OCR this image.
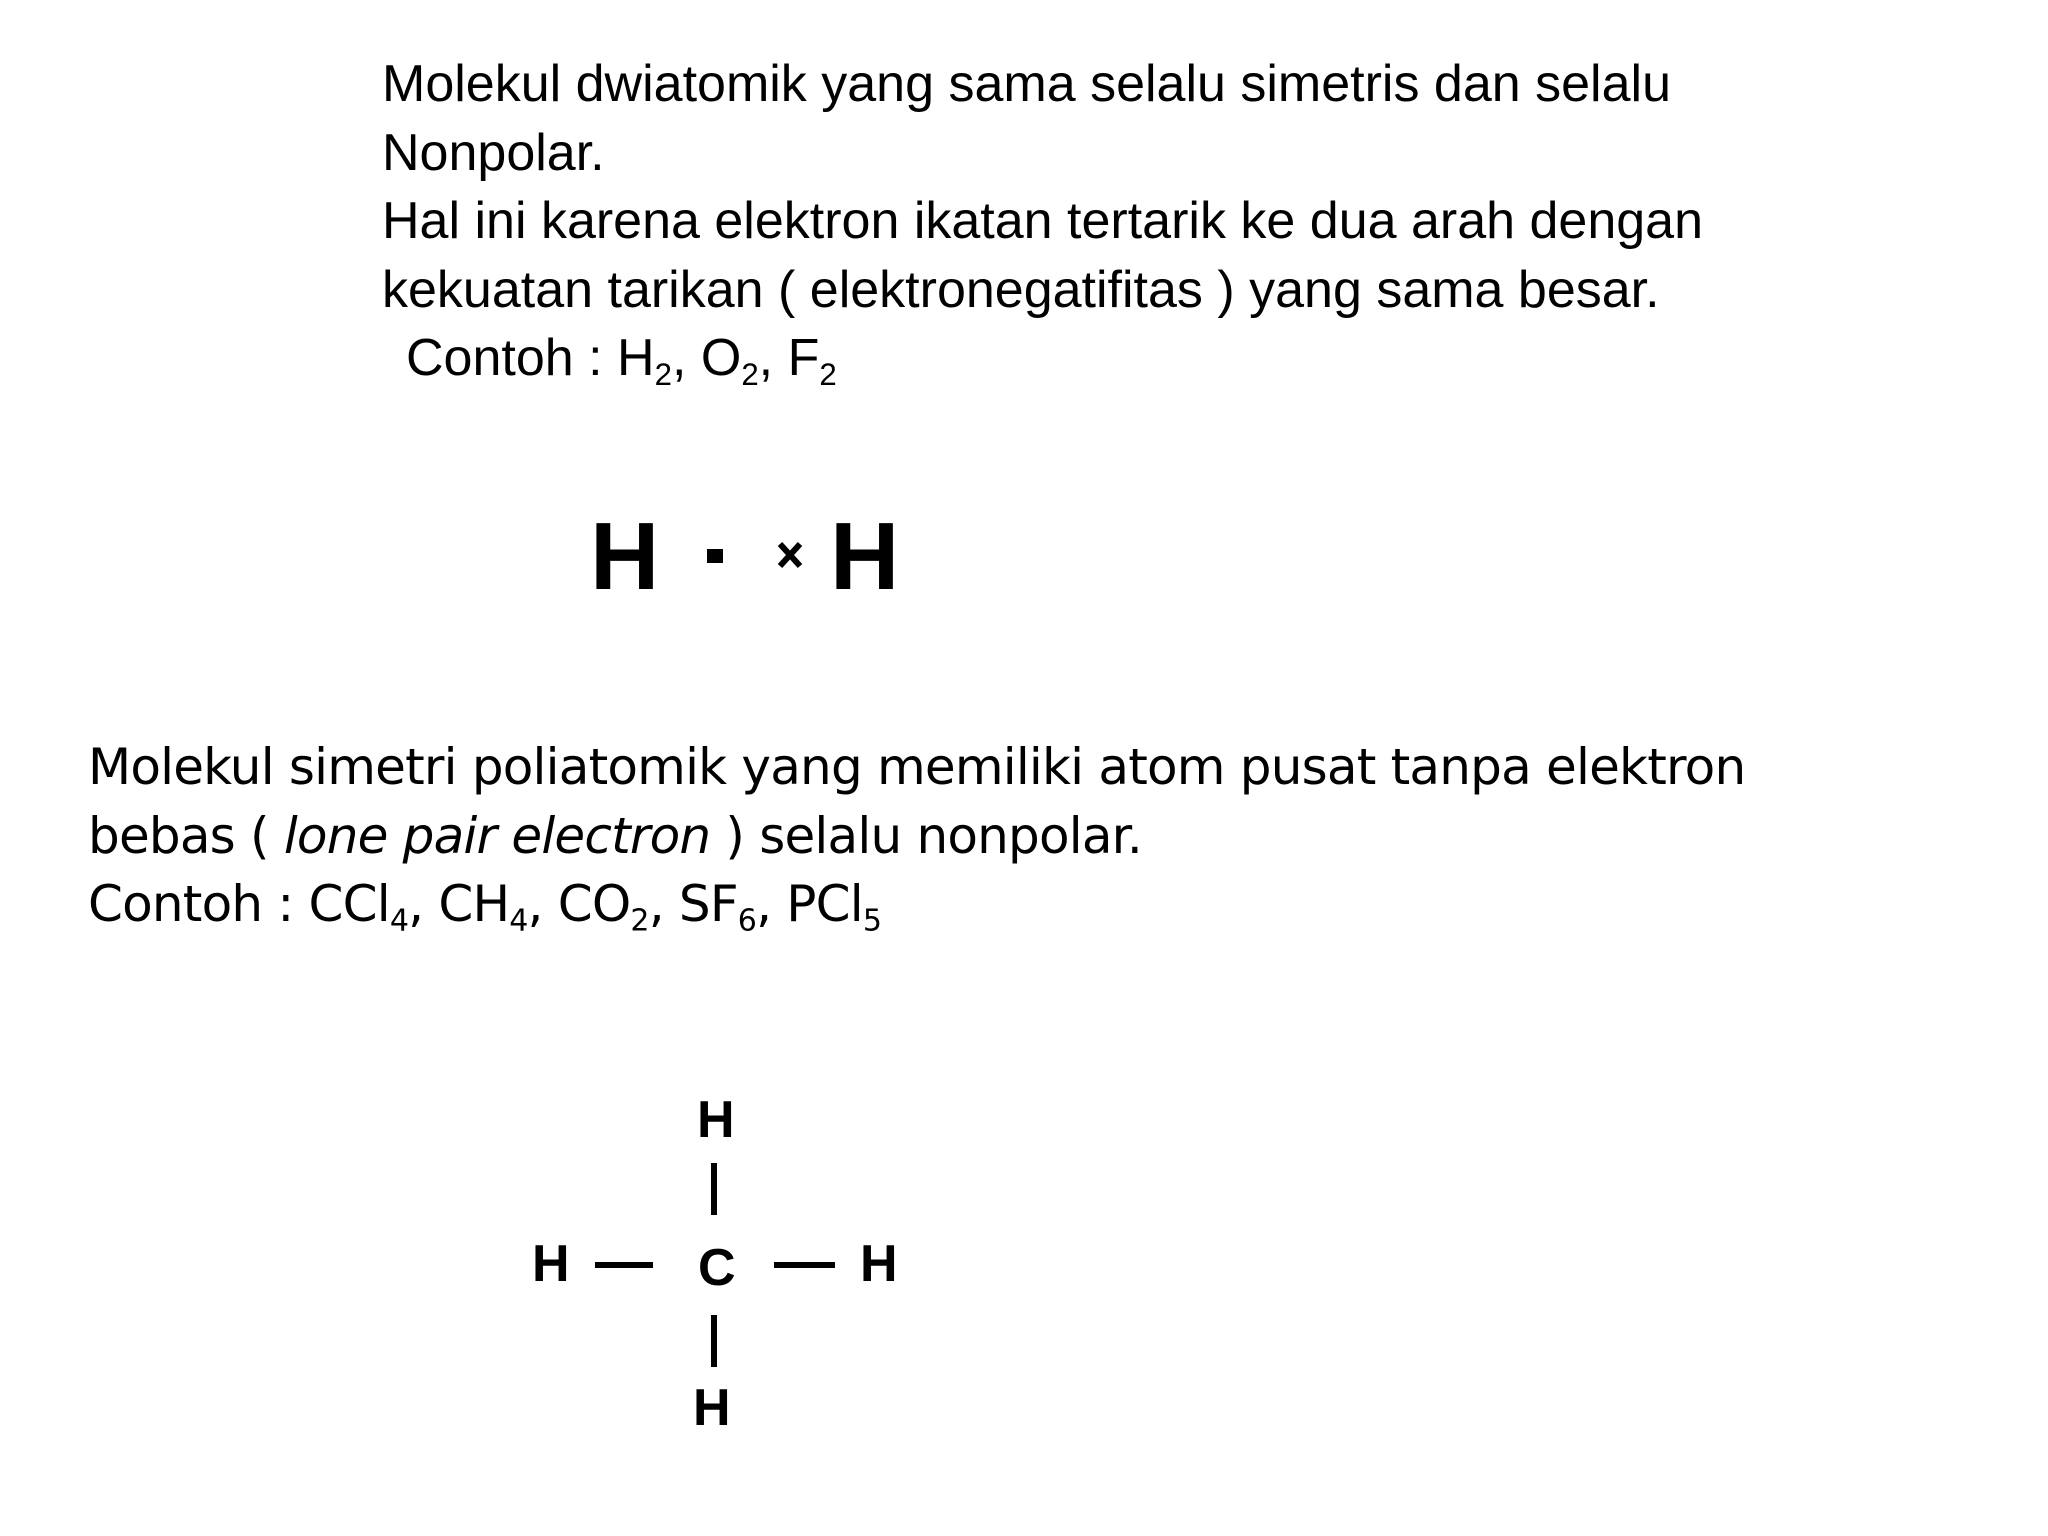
Molekul dwiatomik yang sama selalu simetris dan selalu
Nonpolar.
Hal ini karena elektron ikatan tertarik ke dua arah dengan
kekuatan tarikan ( elektronegatifitas ) yang sama besar.
Contoh : $H_2$, $O_2$, $F_2$
H H
Molekul simetri poliatomik yang memiliki atom pusat tanpa elektron
bebas ( lone pair electron ) selalu nonpolar.
Contoh : CCl$_4$, $CH_4$, $CO_2$, $SF_6$, PCl$_5$
H
H C H
H
